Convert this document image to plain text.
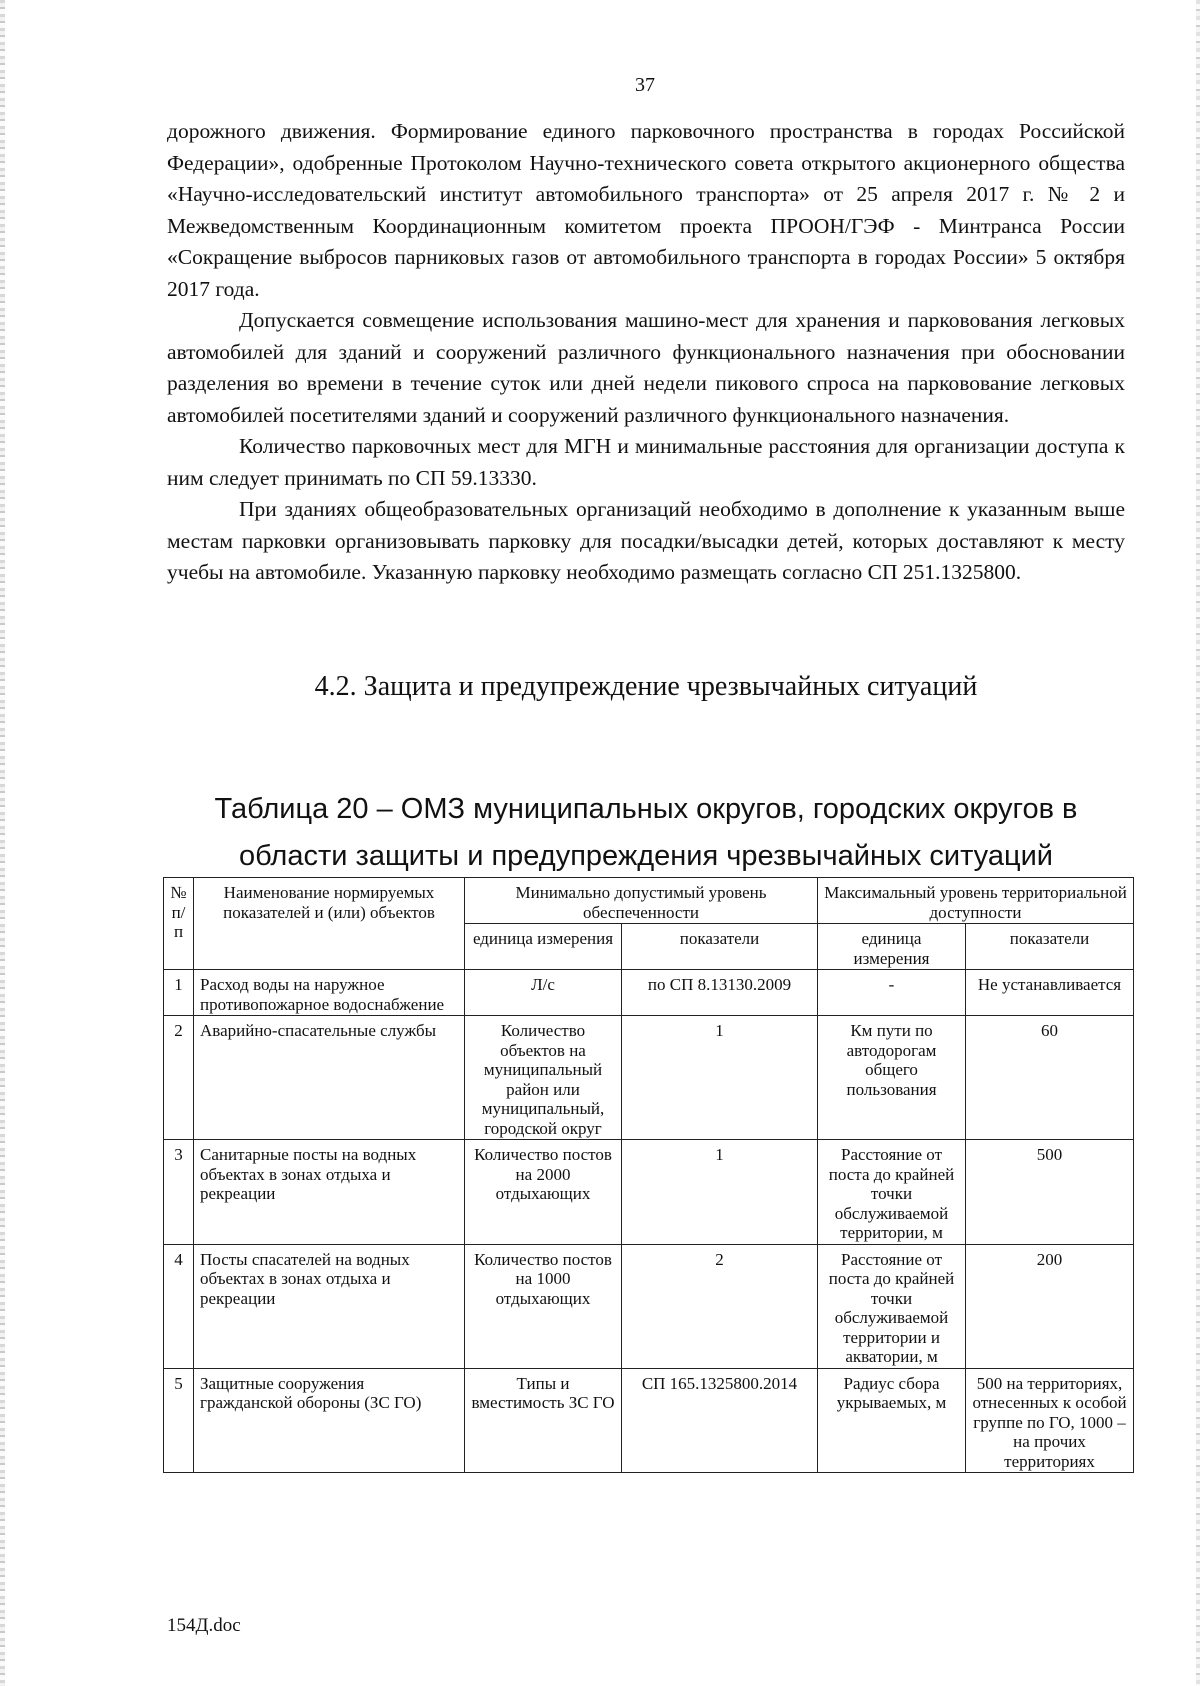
37

дорожного движения. Формирование единого парковочного пространства в городах Российской Федерации», одобренные Протоколом Научно-технического совета открытого акционерного общества «Научно-исследовательский институт автомобильного транспорта» от 25 апреля 2017 г. № 2 и Межведомственным Координационным комитетом проекта ПРООН/ГЭФ - Минтранса России «Сокращение выбросов парниковых газов от автомобильного транспорта в городах России» 5 октября 2017 года.

Допускается совмещение использования машино-мест для хранения и парковования легковых автомобилей для зданий и сооружений различного функционального назначения при обосновании разделения во времени в течение суток или дней недели пикового спроса на парковование легковых автомобилей посетителями зданий и сооружений различного функционального назначения.

Количество парковочных мест для МГН и минимальные расстояния для организации доступа к ним следует принимать по СП 59.13330.

При зданиях общеобразовательных организаций необходимо в дополнение к указанным выше местам парковки организовывать парковку для посадки/высадки детей, которых доставляют к месту учебы на автомобиле. Указанную парковку необходимо размещать согласно СП 251.1325800.

4.2. Защита и предупреждение чрезвычайных ситуаций
Таблица 20 – ОМЗ муниципальных округов, городских округов в области защиты и предупреждения чрезвычайных ситуаций
№ п/п	Наименование нормируемых показателей и (или) объектов	Минимально допустимый уровень обеспеченности		Максимальный уровень территориальной доступности	
		единица измерения	показатели	единица измерения	показатели
1	Расход воды на наружное противопожарное водоснабжение	Л/с	по СП 8.13130.2009	-	Не устанавливается
2	Аварийно-спасательные службы	Количество объектов на муниципальный район или муниципальный, городской округ	1	Км пути по автодорогам общего пользования	60
3	Санитарные посты на водных объектах в зонах отдыха и рекреации	Количество постов на 2000 отдыхающих	1	Расстояние от поста до крайней точки обслуживаемой территории, м	500
4	Посты спасателей на водных объектах в зонах отдыха и рекреации	Количество постов на 1000 отдыхающих	2	Расстояние от поста до крайней точки обслуживаемой территории и акватории, м	200
5	Защитные сооружения гражданской обороны (ЗС ГО)	Типы и вместимость ЗС ГО	СП 165.1325800.2014	Радиус сбора укрываемых, м	500 на территориях, отнесенных к особой группе по ГО, 1000 – на прочих территориях
154Д.doc
